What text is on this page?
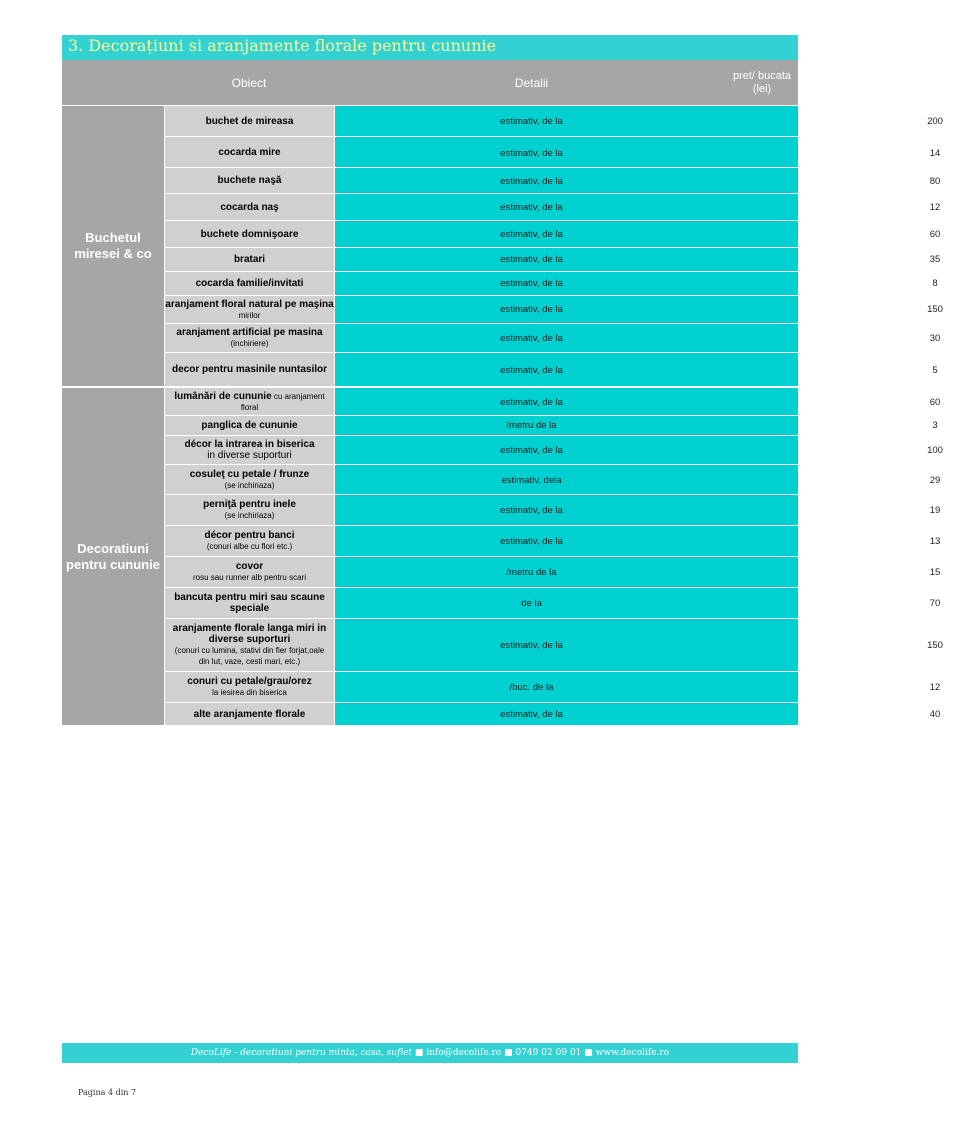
3. Decorațiuni si aranjamente florale pentru cununie
Obiect	Detalii	pret/ bucata
(lei)
Buchetul
miresei & co
Decoratiuni
pentru cununie
buchet de mireasa	estimativ, de la	200
cocarda mire	estimativ, de la	14
buchete naşă	estimativ, de la	80
cocarda naş	estimativ, de la	12
buchete domnişoare	estimativ, de la	60
bratari	estimativ, de la	35
cocarda familie/invitati	estimativ, de la	8
aranjament floral natural pe maşina
mirilor	estimativ, de la	150
aranjament artificial pe masina
(inchiriere)	estimativ, de la	30
decor pentru masinile nuntasilor	estimativ, de la	5
lumânări de cununie cu aranjament
floral	estimativ, de la	60
panglica de cununie	/metru de la	3
décor la intrarea in biserica
in diverse suporturi	estimativ, de la	100
cosuleţ cu petale / frunze
(se inchiriaza)	estimativ, dela	29
perniţă pentru inele
(se inchiriaza)	estimativ, de la	19
décor pentru banci
(conuri albe cu flori etc.)	estimativ, de la	13
covor
rosu sau runner alb pentru scari	/metru de la	15
bancuta pentru miri sau scaune
speciale	de la	70
aranjamente florale langa miri in
diverse suporturi
(conuri cu lumina, stativi din fier forjat,oale
din lut, vaze, cesti mari, etc.)
estimativ, de la	150
conuri cu petale/grau/orez
la iesirea din biserica	/buc. de la	12
alte aranjamente florale	estimativ, de la	40
DecoLife - decoratiuni pentru minta, casa, suflet ■ info@decolife.ro ■ 0749 02 09 01 ■ www.decolife.ro
Pagina 4 din 7
